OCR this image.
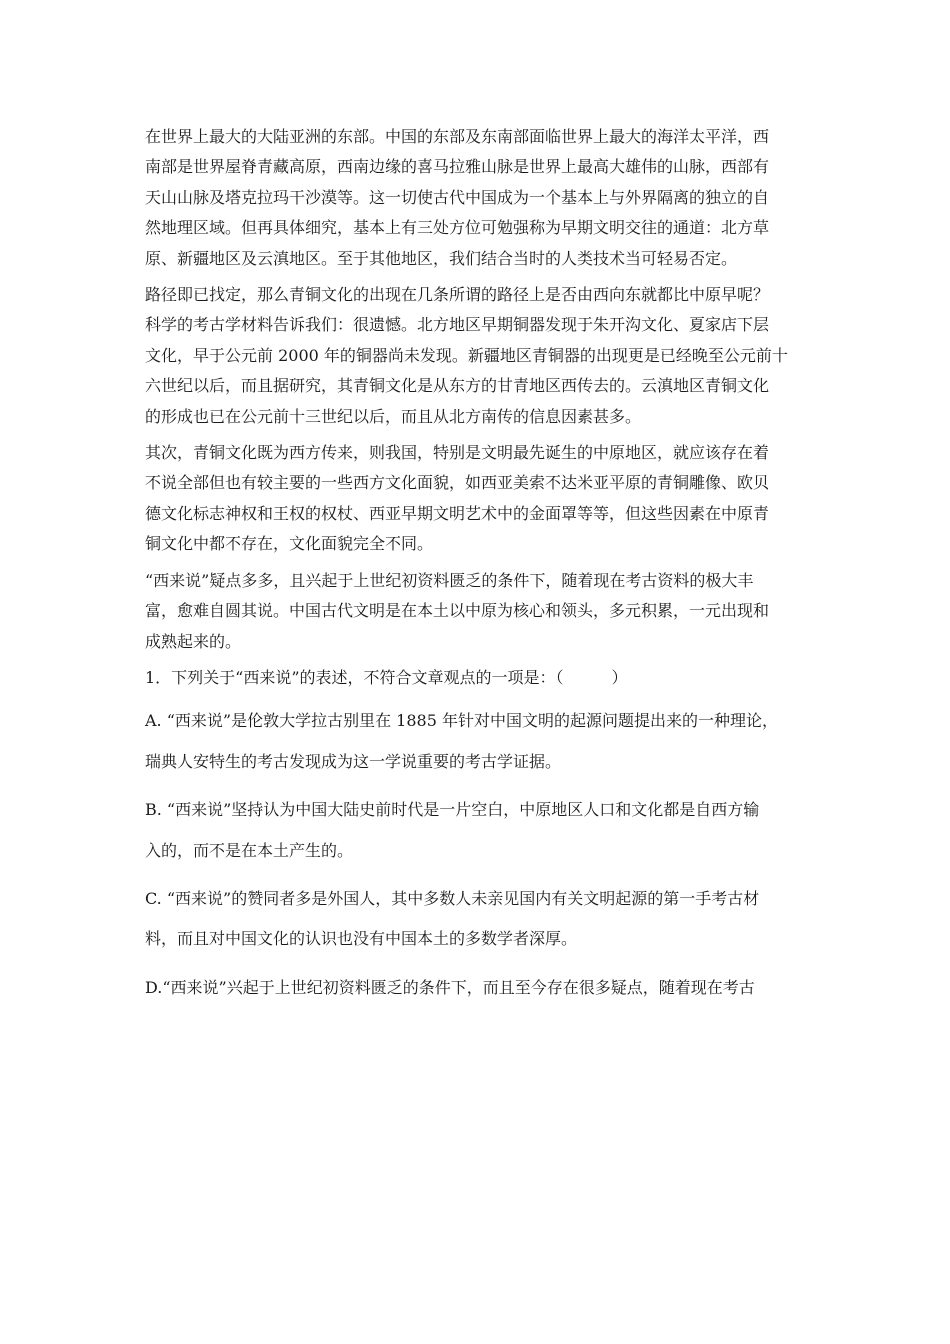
在世界上最大的大陆亚洲的东部。中国的东部及东南部面临世界上最大的海洋太平洋，西
南部是世界屋脊青藏高原，西南边缘的喜马拉雅山脉是世界上最高大雄伟的山脉，西部有
天山山脉及塔克拉玛干沙漠等。这一切使古代中国成为一个基本上与外界隔离的独立的自
然地理区域。但再具体细究，基本上有三处方位可勉强称为早期文明交往的通道：北方草
原、新疆地区及云滇地区。至于其他地区，我们结合当时的人类技术当可轻易否定。
路径即已找定，那么青铜文化的出现在几条所谓的路径上是否由西向东就都比中原早呢？
科学的考古学材料告诉我们：很遗憾。北方地区早期铜器发现于朱开沟文化、夏家店下层
文化，早于公元前 2000 年的铜器尚未发现。新疆地区青铜器的出现更是已经晚至公元前十
六世纪以后，而且据研究，其青铜文化是从东方的甘青地区西传去的。云滇地区青铜文化
的形成也已在公元前十三世纪以后，而且从北方南传的信息因素甚多。
其次，青铜文化既为西方传来，则我国，特别是文明最先诞生的中原地区，就应该存在着
不说全部但也有较主要的一些西方文化面貌，如西亚美索不达米亚平原的青铜雕像、欧贝
德文化标志神权和王权的权杖、西亚早期文明艺术中的金面罩等等，但这些因素在中原青
铜文化中都不存在，文化面貌完全不同。
“西来说”疑点多多，且兴起于上世纪初资料匮乏的条件下，随着现在考古资料的极大丰
富，愈难自圆其说。中国古代文明是在本土以中原为核心和领头，多元积累，一元出现和
成熟起来的。
1．下列关于“西来说”的表述，不符合文章观点的一项是：（　　　）
A. “西来说”是伦敦大学拉古别里在 1885 年针对中国文明的起源问题提出来的一种理论，
瑞典人安特生的考古发现成为这一学说重要的考古学证据。
B. “西来说”坚持认为中国大陆史前时代是一片空白，中原地区人口和文化都是自西方输
入的，而不是在本土产生的。
C. “西来说”的赞同者多是外国人，其中多数人未亲见国内有关文明起源的第一手考古材
料，而且对中国文化的认识也没有中国本土的多数学者深厚。
D.“西来说”兴起于上世纪初资料匮乏的条件下，而且至今存在很多疑点，随着现在考古
